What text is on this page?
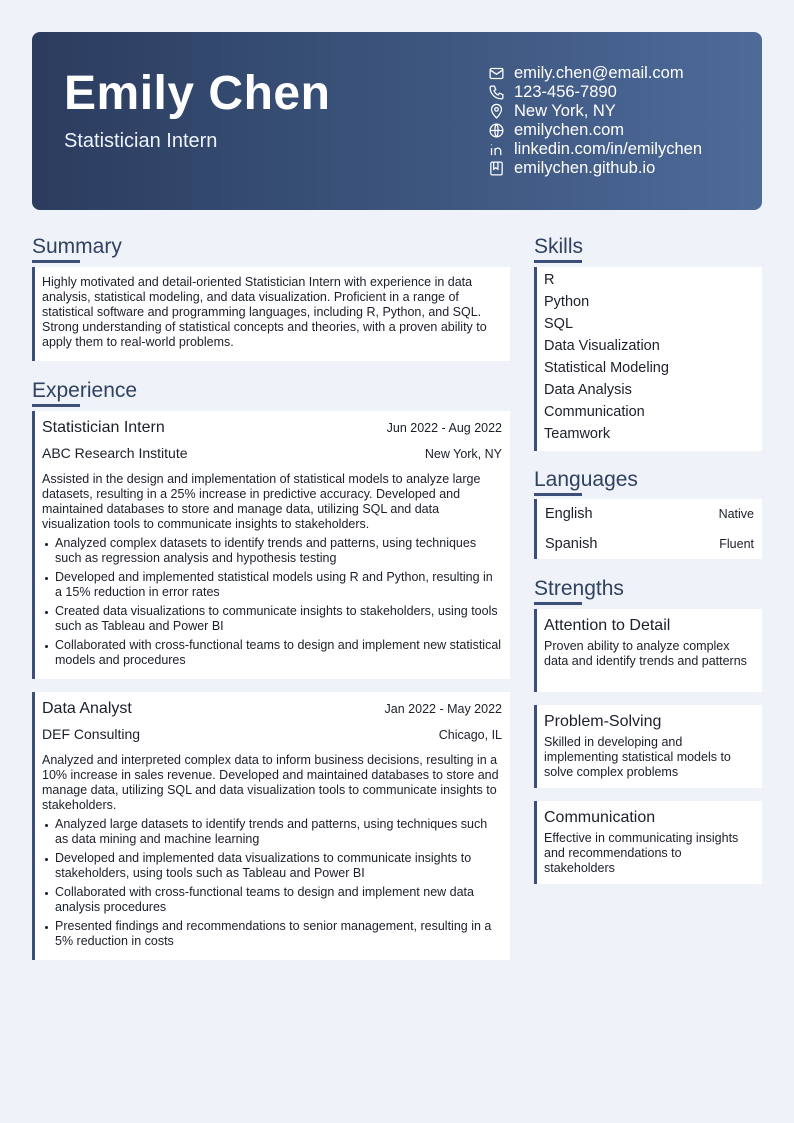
Emily Chen
Statistician Intern
emily.chen@email.com
123-456-7890
New York, NY
emilychen.com
linkedin.com/in/emilychen
emilychen.github.io
Summary

Highly motivated and detail-oriented Statistician Intern with experience in data analysis, statistical modeling, and data visualization. Proficient in a range of statistical software and programming languages, including R, Python, and SQL. Strong understanding of statistical concepts and theories, with a proven ability to apply them to real-world problems.

Experience
Statistician Intern	Jun 2022 - Aug 2022
ABC Research Institute	New York, NY

Assisted in the design and implementation of statistical models to analyze large datasets, resulting in a 25% increase in predictive accuracy. Developed and maintained databases to store and manage data, utilizing SQL and data visualization tools to communicate insights to stakeholders.

Analyzed complex datasets to identify trends and patterns, using techniques such as regression analysis and hypothesis testing
Developed and implemented statistical models using R and Python, resulting in a 15% reduction in error rates
Created data visualizations to communicate insights to stakeholders, using tools such as Tableau and Power BI
Collaborated with cross-functional teams to design and implement new statistical models and procedures
Data Analyst	Jan 2022 - May 2022
DEF Consulting	Chicago, IL

Analyzed and interpreted complex data to inform business decisions, resulting in a 10% increase in sales revenue. Developed and maintained databases to store and manage data, utilizing SQL and data visualization tools to communicate insights to stakeholders.

Analyzed large datasets to identify trends and patterns, using techniques such as data mining and machine learning
Developed and implemented data visualizations to communicate insights to stakeholders, using tools such as Tableau and Power BI
Collaborated with cross-functional teams to design and implement new data analysis procedures
Presented findings and recommendations to senior management, resulting in a 5% reduction in costs
Skills
R
Python
SQL
Data Visualization
Statistical Modeling
Data Analysis
Communication
Teamwork
Languages
English	Native
Spanish	Fluent
Strengths
Attention to Detail

Proven ability to analyze complex data and identify trends and patterns

Problem-Solving

Skilled in developing and implementing statistical models to solve complex problems

Communication

Effective in communicating insights and recommendations to stakeholders
